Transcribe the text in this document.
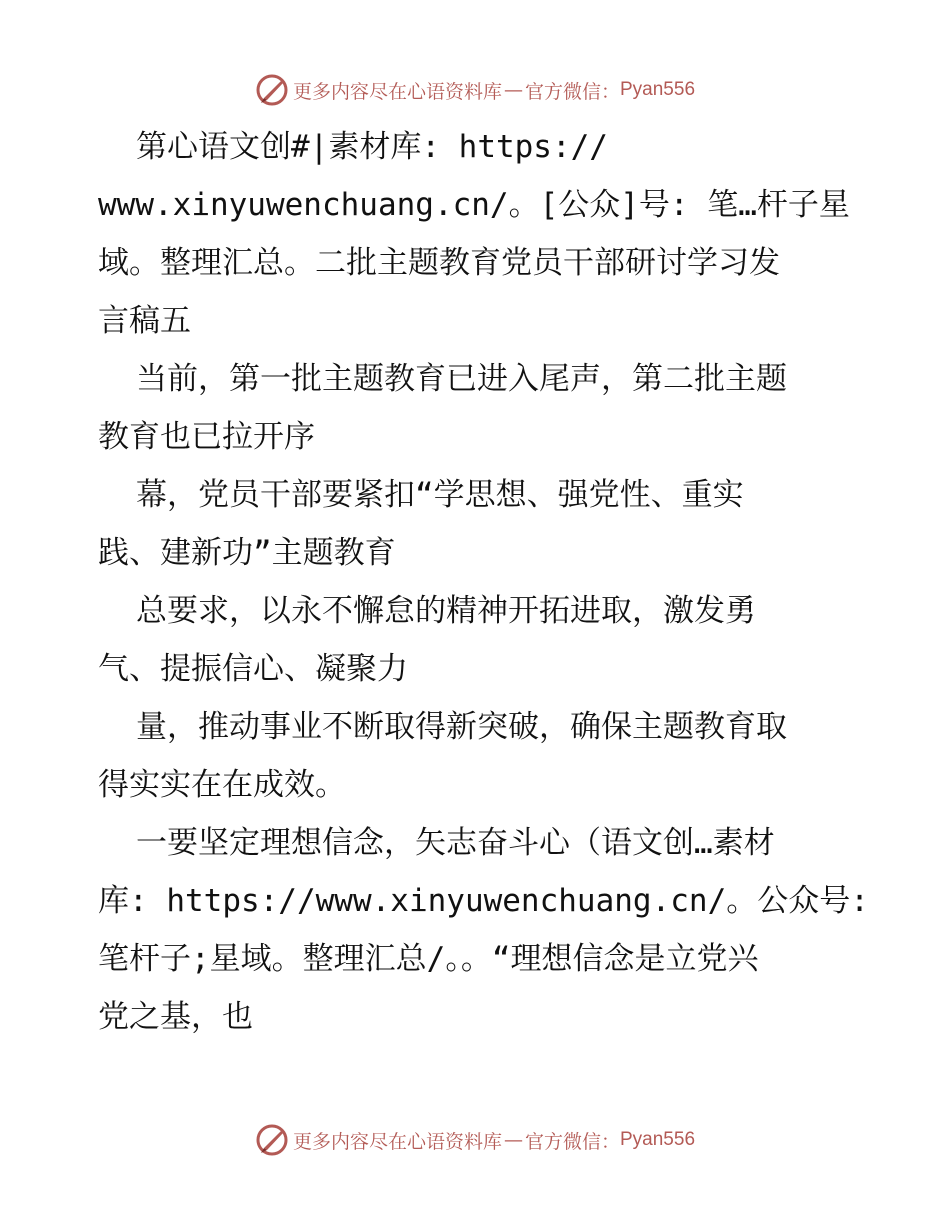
更多内容尽在心语资料库 — 官方微信： Pyan556

第心语文创#|素材库: https://

www.xinyuwenchuang.cn/。[公众]号: 笔…杆子星

域。整理汇总。二批主题教育党员干部研讨学习发

言稿五

当前，第一批主题教育已进入尾声，第二批主题

教育也已拉开序

幕，党员干部要紧扣“学思想、强党性、重实

践、建新功”主题教育

总要求，以永不懈怠的精神开拓进取，激发勇

气、提振信心、凝聚力

量，推动事业不断取得新突破，确保主题教育取

得实实在在成效。

一要坚定理想信念，矢志奋斗心（语文创…素材

库: https://www.xinyuwenchuang.cn/。公众号:

笔杆子;星域。整理汇总/。。“理想信念是立党兴

党之基，也

更多内容尽在心语资料库 — 官方微信： Pyan556
